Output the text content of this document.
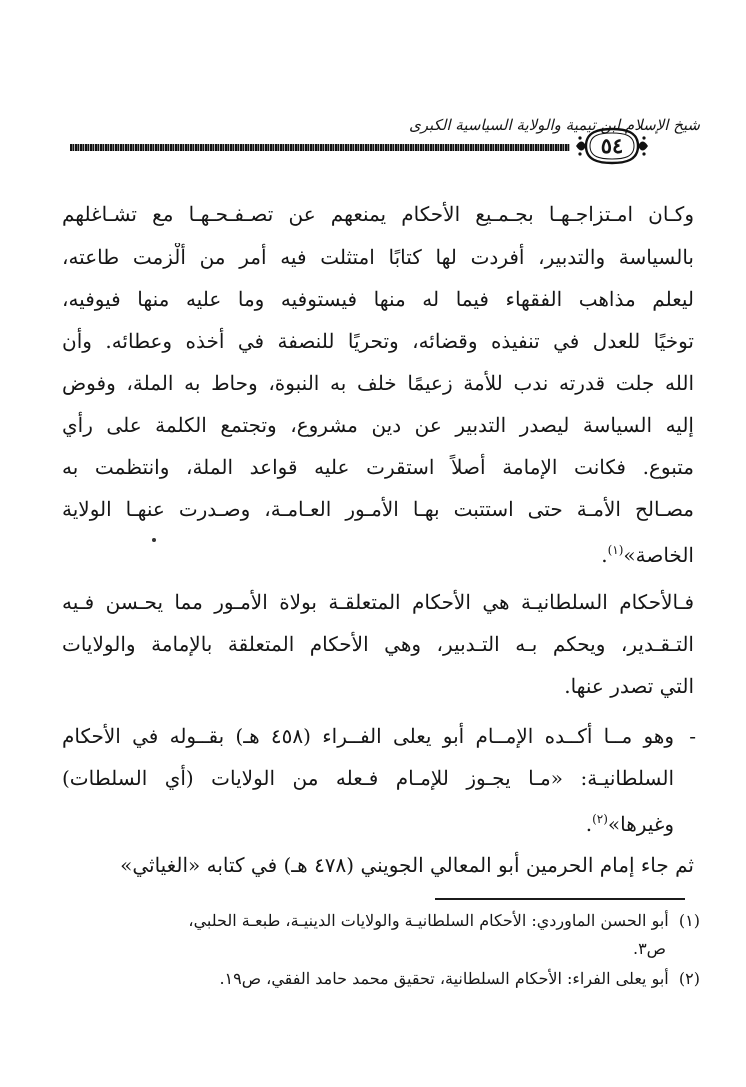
شيخ الإسلام ابن تيمية والولاية السياسية الكبرى
٥٤
وكـان امـتزاجـهـا بجـمـيع الأحكام يمنعهم عن تصـفـحـهـا مع تشـاغلهم
بالسياسة والتدبير، أفردت لها كتابًا امتثلت فيه أمر من أَلْزمت طاعته،
ليعلم مذاهب الفقهاء فيما له منها فيستوفيه وما عليه منها فيوفيه،
توخيًا للعدل في تنفيذه وقضائه، وتحريًا للنصفة في أخذه وعطائه. وأن
الله جلت قدرته ندب للأمة زعيمًا خلف به النبوة، وحاط به الملة، وفوض
إليه السياسة ليصدر التدبير عن دين مشروع، وتجتمع الكلمة على رأي
متبوع. فكانت الإمامة أصلاً استقرت عليه قواعد الملة، وانتظمت به
مصـالح الأمـة حتى استتبت بهـا الأمـور العـامـة، وصـدرت عنهـا الولاية
الخاصة»$^{(١)}$.
فـالأحكام السلطانيـة هي الأحكام المتعلقـة بولاة الأمـور مما يحـسن فـيه
التـقـدير، ويحكم بـه التـدبير، وهي الأحكام المتعلقة بالإمامة والولايات
التي تصدر عنها.
-
وهو مــا أكــده الإمــام أبو يعلى الفــراء (٤٥٨ هـ) بقــوله في الأحكام
السلطانيـة: «مـا يجـوز للإمـام فـعله من الولايات (أي السلطات)
وغيرها»$^{(٢)}$.
ثم جاء إمام الحرمين أبو المعالي الجويني (٤٧٨ هـ) في كتابه «الغياثي»
(١)  أبو الحسن الماوردي: الأحكام السلطانيـة والولايات الدينيـة، طبعـة الحلبي،
ص٣.
(٢)  أبو يعلى الفراء: الأحكام السلطانية، تحقيق محمد حامد الفقي، ص١٩.
